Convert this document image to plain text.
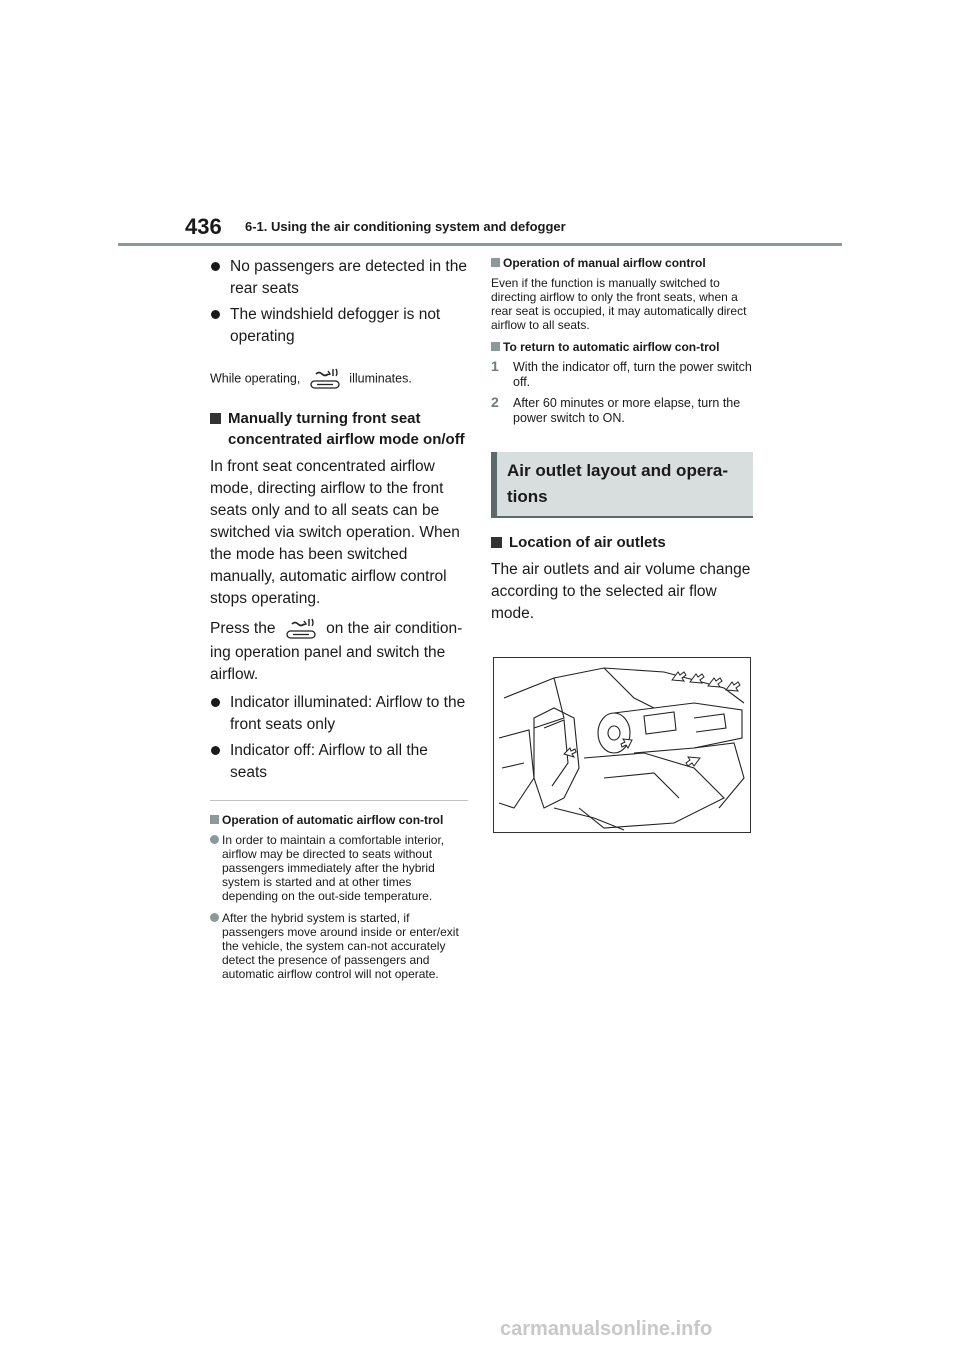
436 6-1. Using the air conditioning system and defogger
No passengers are detected in the rear seats
The windshield defogger is not operating
While operating,	illuminates.
Manually turning front seat concentrated airflow mode on/off
In front seat concentrated airflow mode, directing airflow to the front seats only and to all seats can be switched via switch operation. When the mode has been switched manually, automatic airflow control stops operating.
Press the	on the air condition-ing operation panel and switch the airflow.
Indicator illuminated: Airflow to the front seats only
Indicator off: Airflow to all the seats
Operation of automatic airflow con-trol
In order to maintain a comfortable interior, airflow may be directed to seats without passengers immediately after the hybrid system is started and at other times depending on the out-side temperature.
After the hybrid system is started, if passengers move around inside or enter/exit the vehicle, the system can-not accurately detect the presence of passengers and automatic airflow control will not operate.
Operation of manual airflow control
Even if the function is manually switched to directing airflow to only the front seats, when a rear seat is occupied, it may automatically direct airflow to all seats.
To return to automatic airflow con-trol
1 With the indicator off, turn the power switch off.
2 After 60 minutes or more elapse, turn the power switch to ON.
Air outlet layout and opera-tions
Location of air outlets
The air outlets and air volume change according to the selected air flow mode.
carmanualsonline.info
